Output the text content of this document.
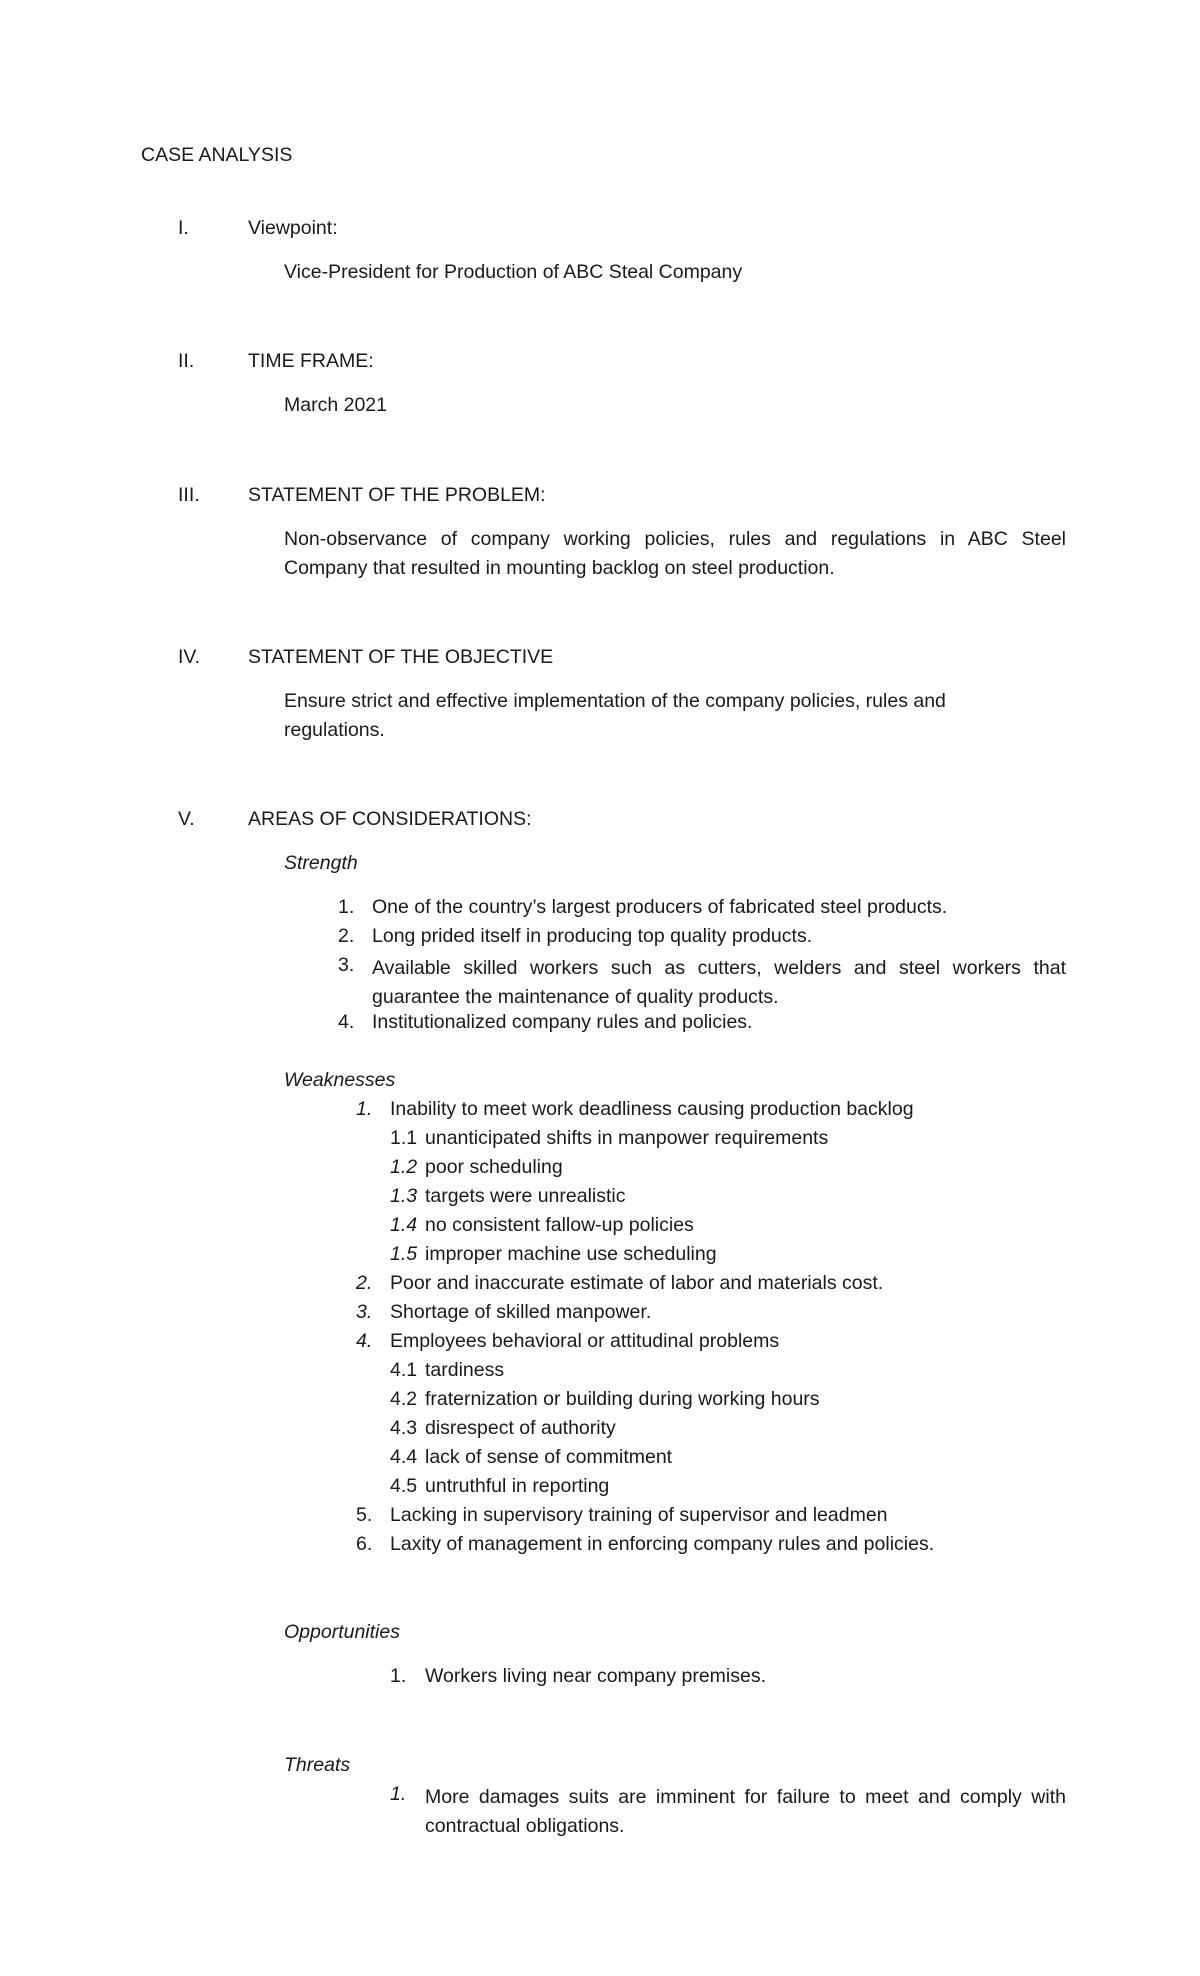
CASE ANALYSIS
I.	Viewpoint:
Vice-President for Production of ABC Steal Company
II.	TIME FRAME:
March 2021
III. STATEMENT OF THE PROBLEM:
Non-observance of company working policies, rules and regulations in ABC Steel
Company that resulted in mounting backlog on steel production.
IV. STATEMENT OF THE OBJECTIVE
Ensure strict and effective implementation of the company policies, rules and
regulations.
V.	AREAS OF CONSIDERATIONS:
Strength
1. One of the country’s largest producers of fabricated steel products.
2. Long prided itself in producing top quality products.
3. Available skilled workers such as cutters, welders and steel workers that
guarantee the maintenance of quality products.
4. Institutionalized company rules and policies.
Weaknesses
1. Inability to meet work deadliness causing production backlog
1.1 unanticipated shifts in manpower requirements
1.2 poor scheduling
1.3 targets were unrealistic
1.4 no consistent fallow-up policies
1.5 improper machine use scheduling
2. Poor and inaccurate estimate of labor and materials cost.
3. Shortage of skilled manpower.
4. Employees behavioral or attitudinal problems
4.1 tardiness
4.2 fraternization or building during working hours
4.3 disrespect of authority
4.4 lack of sense of commitment
4.5 untruthful in reporting
5. Lacking in supervisory training of supervisor and leadmen
6. Laxity of management in enforcing company rules and policies.
Opportunities
1. Workers living near company premises.
Threats
1. More damages suits are imminent for failure to meet and comply with
contractual obligations.
